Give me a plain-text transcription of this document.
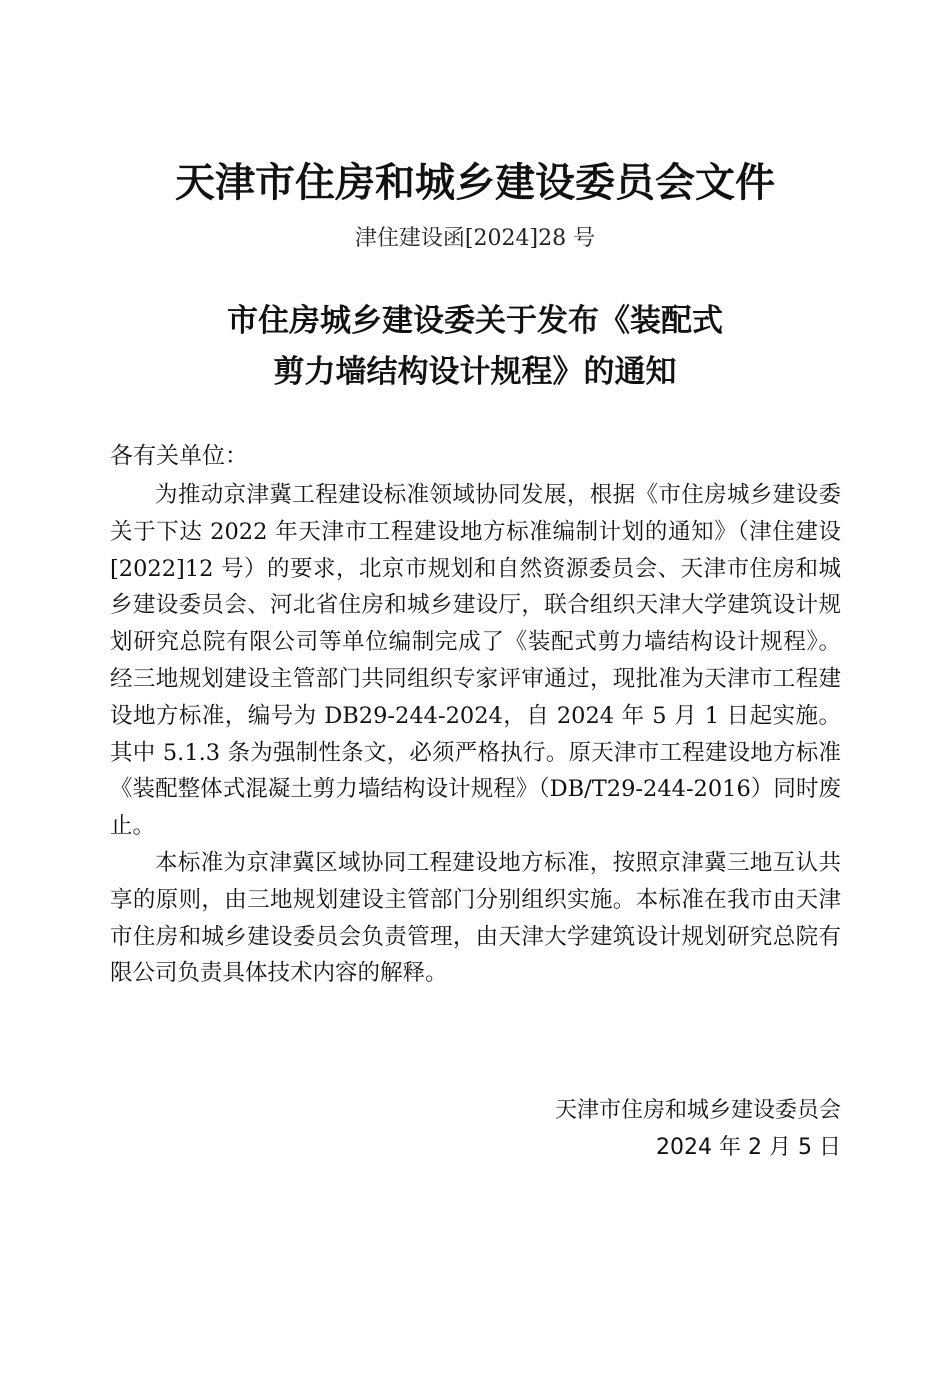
天津市住房和城乡建设委员会文件
津住建设函[2024]28 号
市住房城乡建设委关于发布《装配式
剪力墙结构设计规程》的通知
各有关单位：

为推动京津冀工程建设标准领域协同发展，根据《市住房城乡建设委关于下达 2022 年天津市工程建设地方标准编制计划的通知》（津住建设[2022]12 号）的要求，北京市规划和自然资源委员会、天津市住房和城乡建设委员会、河北省住房和城乡建设厅，联合组织天津大学建筑设计规划研究总院有限公司等单位编制完成了《装配式剪力墙结构设计规程》。经三地规划建设主管部门共同组织专家评审通过，现批准为天津市工程建设地方标准，编号为 DB29-244-2024，自 2024 年 5 月 1 日起实施。其中 5.1.3 条为强制性条文，必须严格执行。原天津市工程建设地方标准《装配整体式混凝土剪力墙结构设计规程》（DB/T29-244-2016）同时废止。

本标准为京津冀区域协同工程建设地方标准，按照京津冀三地互认共享的原则，由三地规划建设主管部门分别组织实施。本标准在我市由天津市住房和城乡建设委员会负责管理，由天津大学建筑设计规划研究总院有限公司负责具体技术内容的解释。

天津市住房和城乡建设委员会
2024 年 2 月 5 日
